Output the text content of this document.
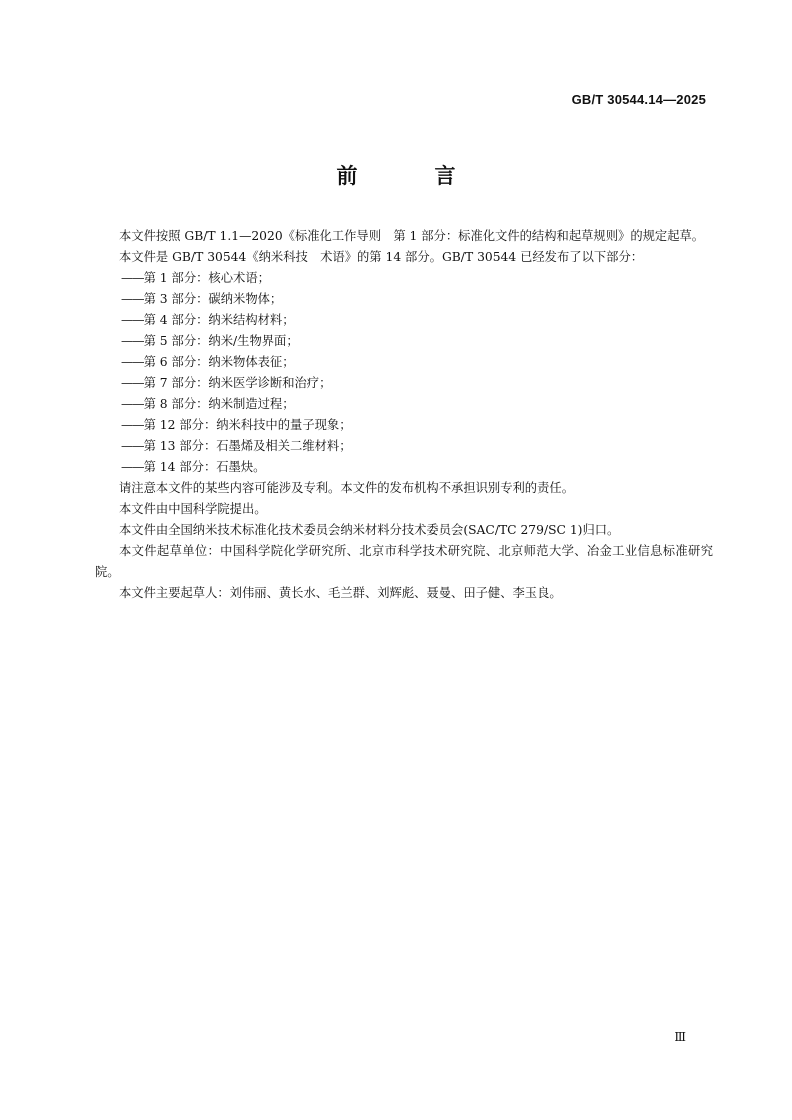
GB/T 30544.14—2025
前　言

本文件按照 GB/T 1.1—2020《标准化工作导则　第 1 部分：标准化文件的结构和起草规则》的规定起草。

本文件是 GB/T 30544《纳米科技　术语》的第 14 部分。GB/T 30544 已经发布了以下部分：

——第 1 部分：核心术语；

——第 3 部分：碳纳米物体；

——第 4 部分：纳米结构材料；

——第 5 部分：纳米/生物界面；

——第 6 部分：纳米物体表征；

——第 7 部分：纳米医学诊断和治疗；

——第 8 部分：纳米制造过程；

——第 12 部分：纳米科技中的量子现象；

——第 13 部分：石墨烯及相关二维材料；

——第 14 部分：石墨炔。

请注意本文件的某些内容可能涉及专利。本文件的发布机构不承担识别专利的责任。

本文件由中国科学院提出。

本文件由全国纳米技术标准化技术委员会纳米材料分技术委员会(SAC/TC 279/SC 1)归口。

本文件起草单位：中国科学院化学研究所、北京市科学技术研究院、北京师范大学、冶金工业信息标准研究院。

本文件主要起草人：刘伟丽、黄长水、毛兰群、刘辉彪、聂曼、田子健、李玉良。

Ⅲ
